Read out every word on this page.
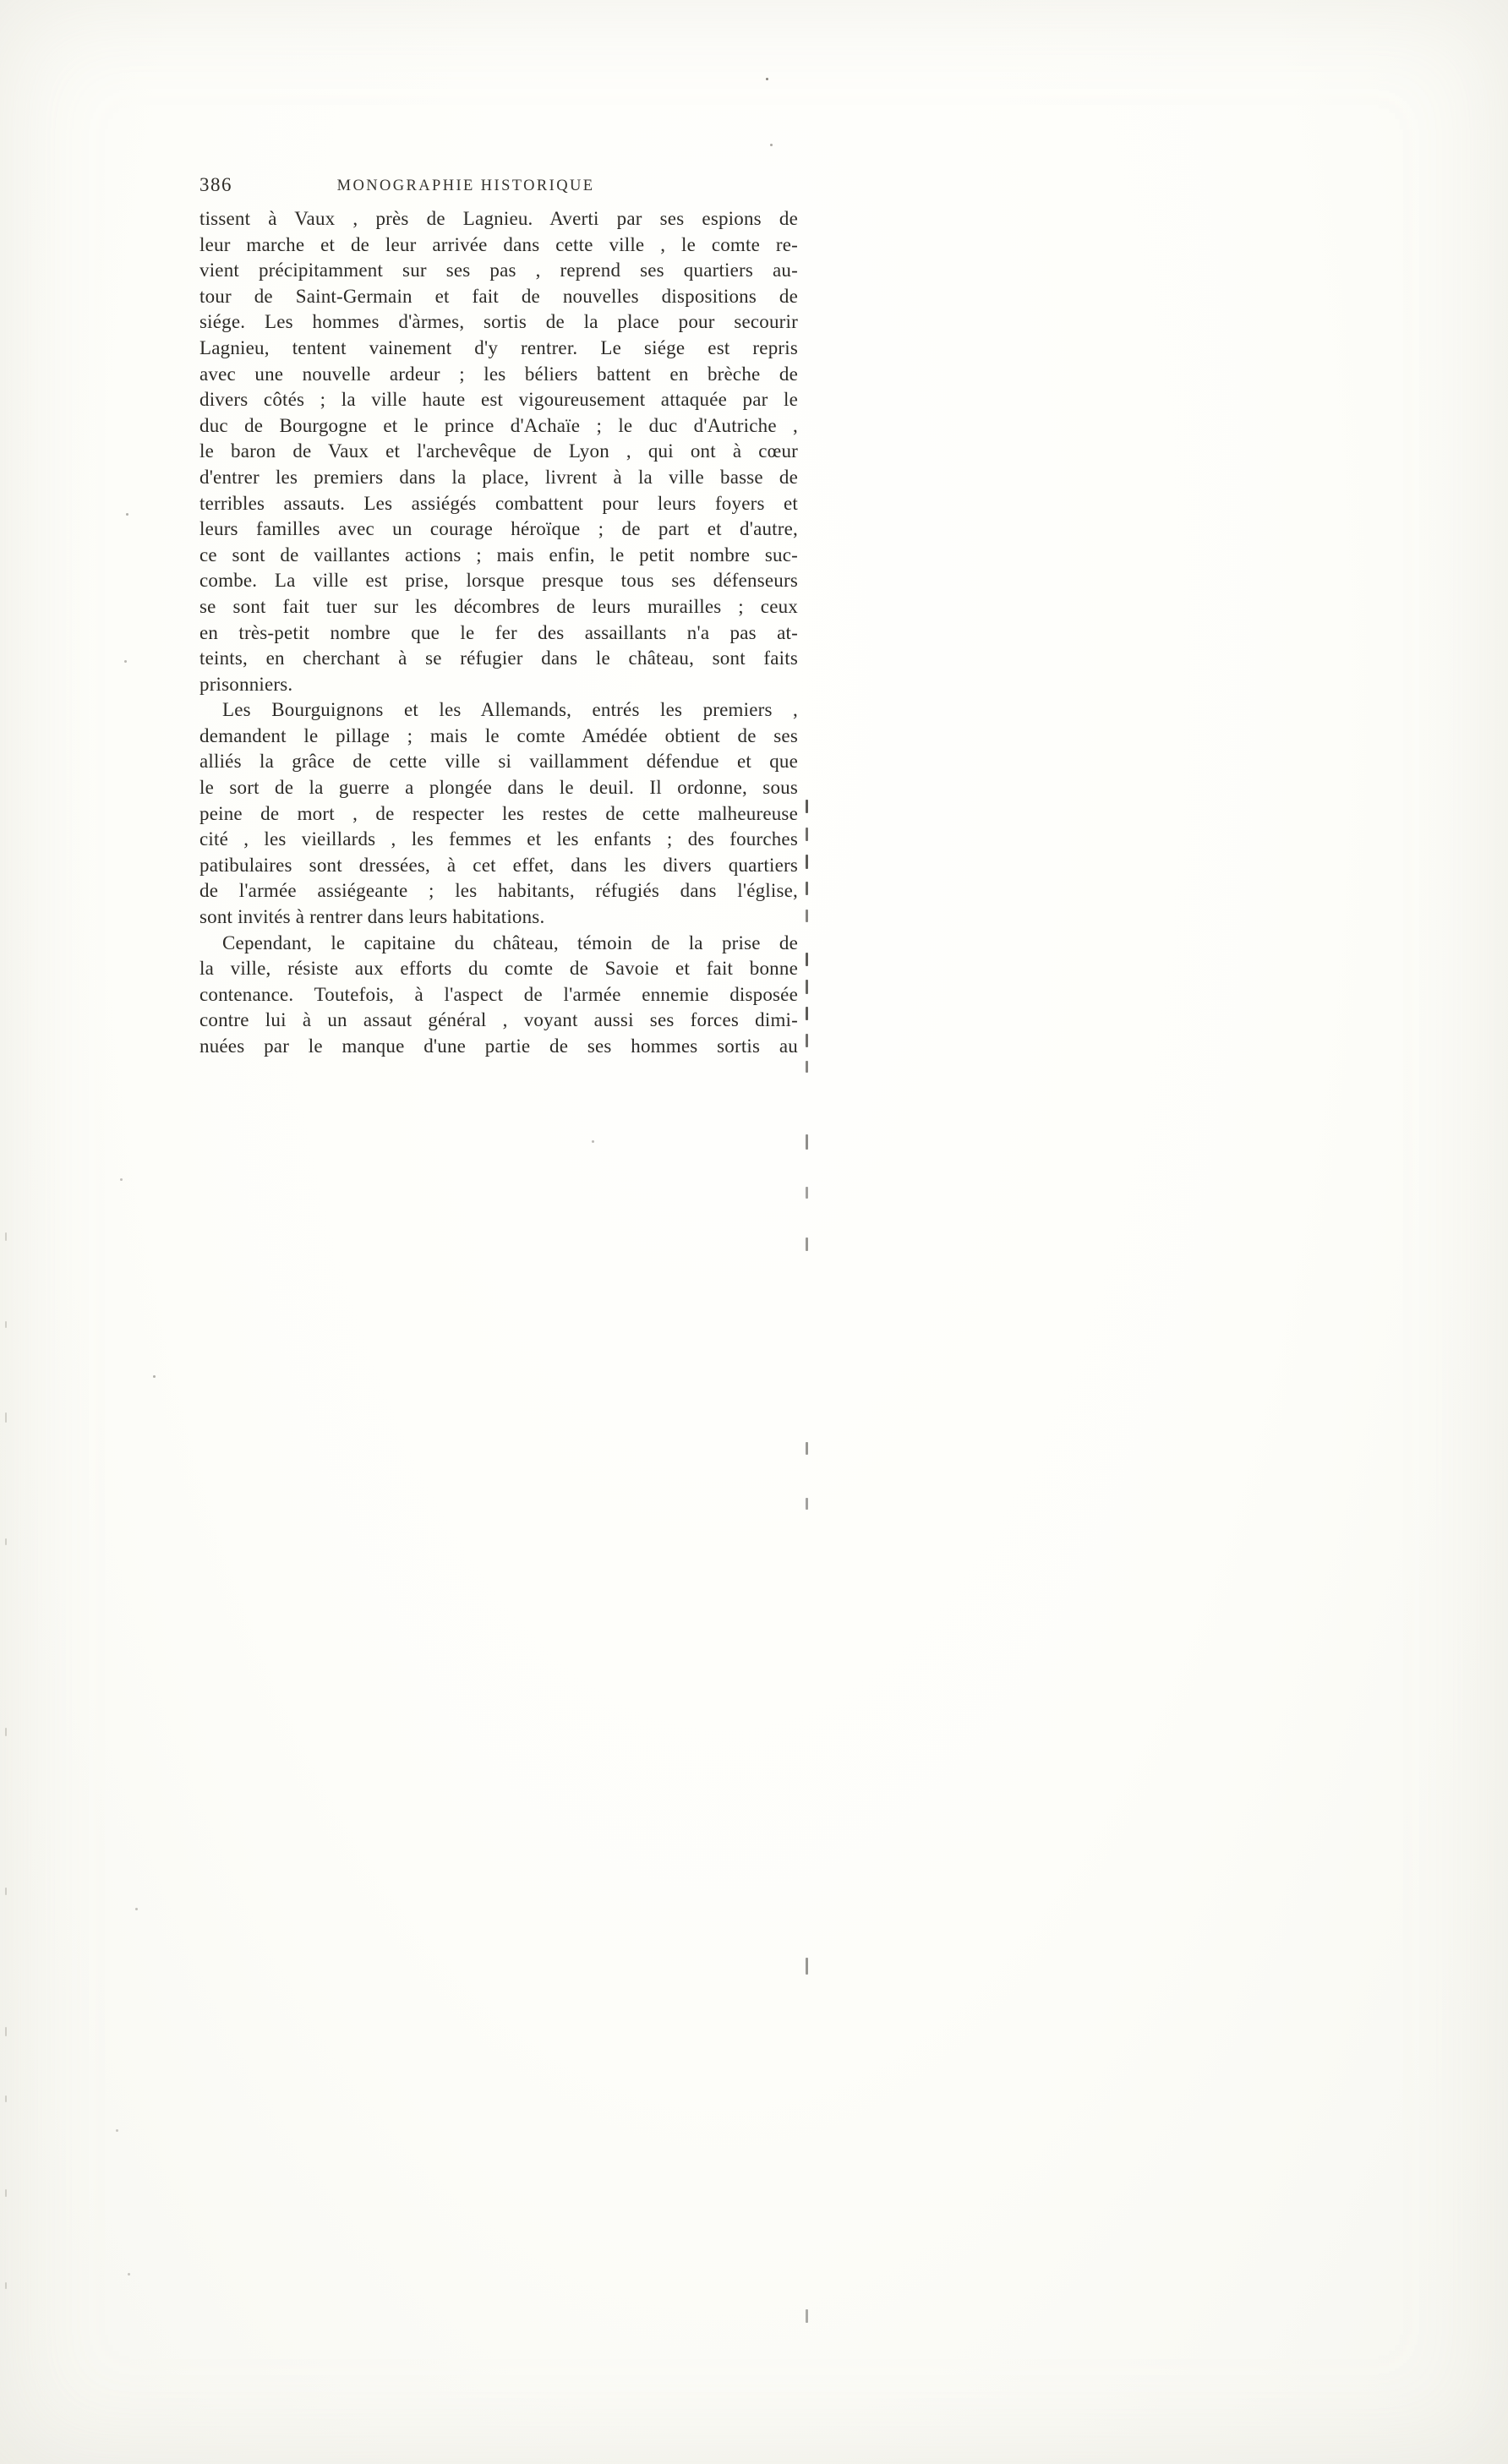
386	MONOGRAPHIE HISTORIQUE
tissent à Vaux , près de Lagnieu. Averti par ses espions de
leur marche et de leur arrivée dans cette ville , le comte re-
vient précipitamment sur ses pas , reprend ses quartiers au-
tour de Saint-Germain et fait de nouvelles dispositions de
siége. Les hommes d'àrmes, sortis de la place pour secourir
Lagnieu, tentent vainement d'y rentrer. Le siége est repris
avec une nouvelle ardeur ; les béliers battent en brèche de
divers côtés ; la ville haute est vigoureusement attaquée par le
duc de Bourgogne et le prince d'Achaïe ; le duc d'Autriche ,
le baron de Vaux et l'archevêque de Lyon , qui ont à cœur
d'entrer les premiers dans la place, livrent à la ville basse de
terribles assauts. Les assiégés combattent pour leurs foyers et
leurs familles avec un courage héroïque ; de part et d'autre,
ce sont de vaillantes actions ; mais enfin, le petit nombre suc-
combe. La ville est prise, lorsque presque tous ses défenseurs
se sont fait tuer sur les décombres de leurs murailles ; ceux
en très-petit nombre que le fer des assaillants n'a pas at-
teints, en cherchant à se réfugier dans le château, sont faits
prisonniers.
Les Bourguignons et les Allemands, entrés les premiers ,
demandent le pillage ; mais le comte Amédée obtient de ses
alliés la grâce de cette ville si vaillamment défendue et que
le sort de la guerre a plongée dans le deuil. Il ordonne, sous
peine de mort , de respecter les restes de cette malheureuse
cité , les vieillards , les femmes et les enfants ; des fourches
patibulaires sont dressées, à cet effet, dans les divers quartiers
de l'armée assiégeante ; les habitants, réfugiés dans l'église,
sont invités à rentrer dans leurs habitations.
Cependant, le capitaine du château, témoin de la prise de
la ville, résiste aux efforts du comte de Savoie et fait bonne
contenance. Toutefois, à l'aspect de l'armée ennemie disposée
contre lui à un assaut général , voyant aussi ses forces dimi-
nuées par le manque d'une partie de ses hommes sortis au
